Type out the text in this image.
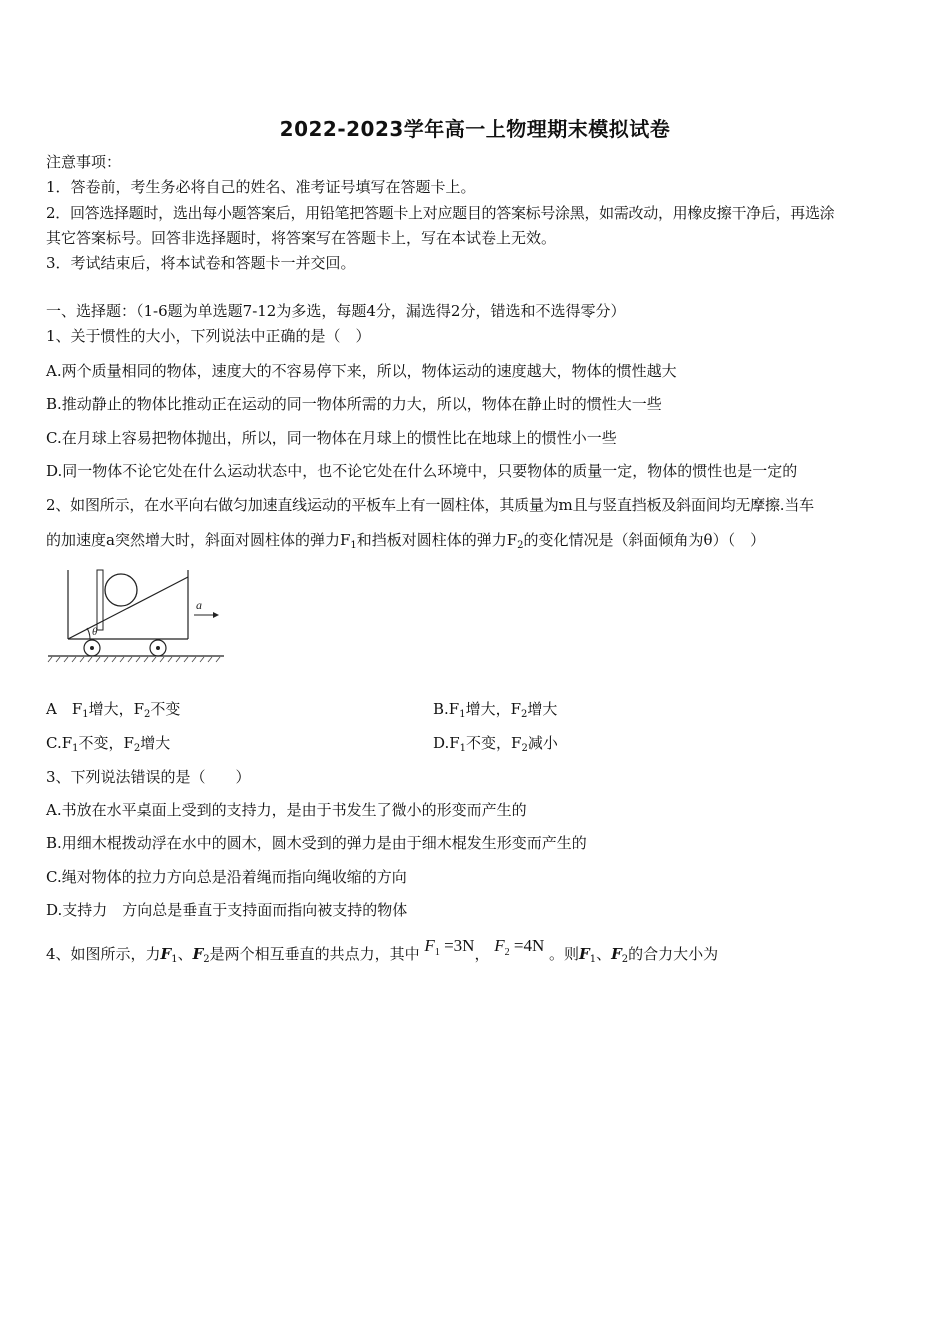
2022-2023学年高一上物理期末模拟试卷
注意事项：
1．答卷前，考生务必将自己的姓名、准考证号填写在答题卡上。
2．回答选择题时，选出每小题答案后，用铅笔把答题卡上对应题目的答案标号涂黑，如需改动，用橡皮擦干净后，再选涂
其它答案标号。回答非选择题时，将答案写在答题卡上，写在本试卷上无效。
3．考试结束后，将本试卷和答题卡一并交回。
一、选择题：（1-6题为单选题7-12为多选，每题4分，漏选得2分，错选和不选得零分）
1、关于惯性的大小，下列说法中正确的是（　）
A.两个质量相同的物体，速度大的不容易停下来，所以，物体运动的速度越大，物体的惯性越大
B.推动静止的物体比推动正在运动的同一物体所需的力大，所以，物体在静止时的惯性大一些
C.在月球上容易把物体抛出，所以，同一物体在月球上的惯性比在地球上的惯性小一些
D.同一物体不论它处在什么运动状态中，也不论它处在什么环境中，只要物体的质量一定，物体的惯性也是一定的
2、如图所示，在水平向右做匀加速直线运动的平板车上有一圆柱体，其质量为m且与竖直挡板及斜面间均无摩擦.当车
的加速度a突然增大时，斜面对圆柱体的弹力$F_1$和挡板对圆柱体的弹力$F_2$的变化情况是（斜面倾角为θ）（　）
θ
a
A　$F_1$增大，$F_2$不变	$B.F_1$增大，$F_2$增大
$C.F_1$不变，$F_2$增大	$D.F_1$不变，$F_2$减小
3、下列说法错误的是（　　）
A.书放在水平桌面上受到的支持力，是由于书发生了微小的形变而产生的
B.用细木棍拨动浮在水中的圆木，圆木受到的弹力是由于细木棍发生形变而产生的
C.绳对物体的拉力方向总是沿着绳而指向绳收缩的方向
D.支持力　方向总是垂直于支持面而指向被支持的物体
4、如图所示，力$F_1$、$F_2$是两个相互垂直的共点力，其中 $F_1 =3N$， $F_2 =4N$ 。则$F_1$、$F_2$的合力大小为
